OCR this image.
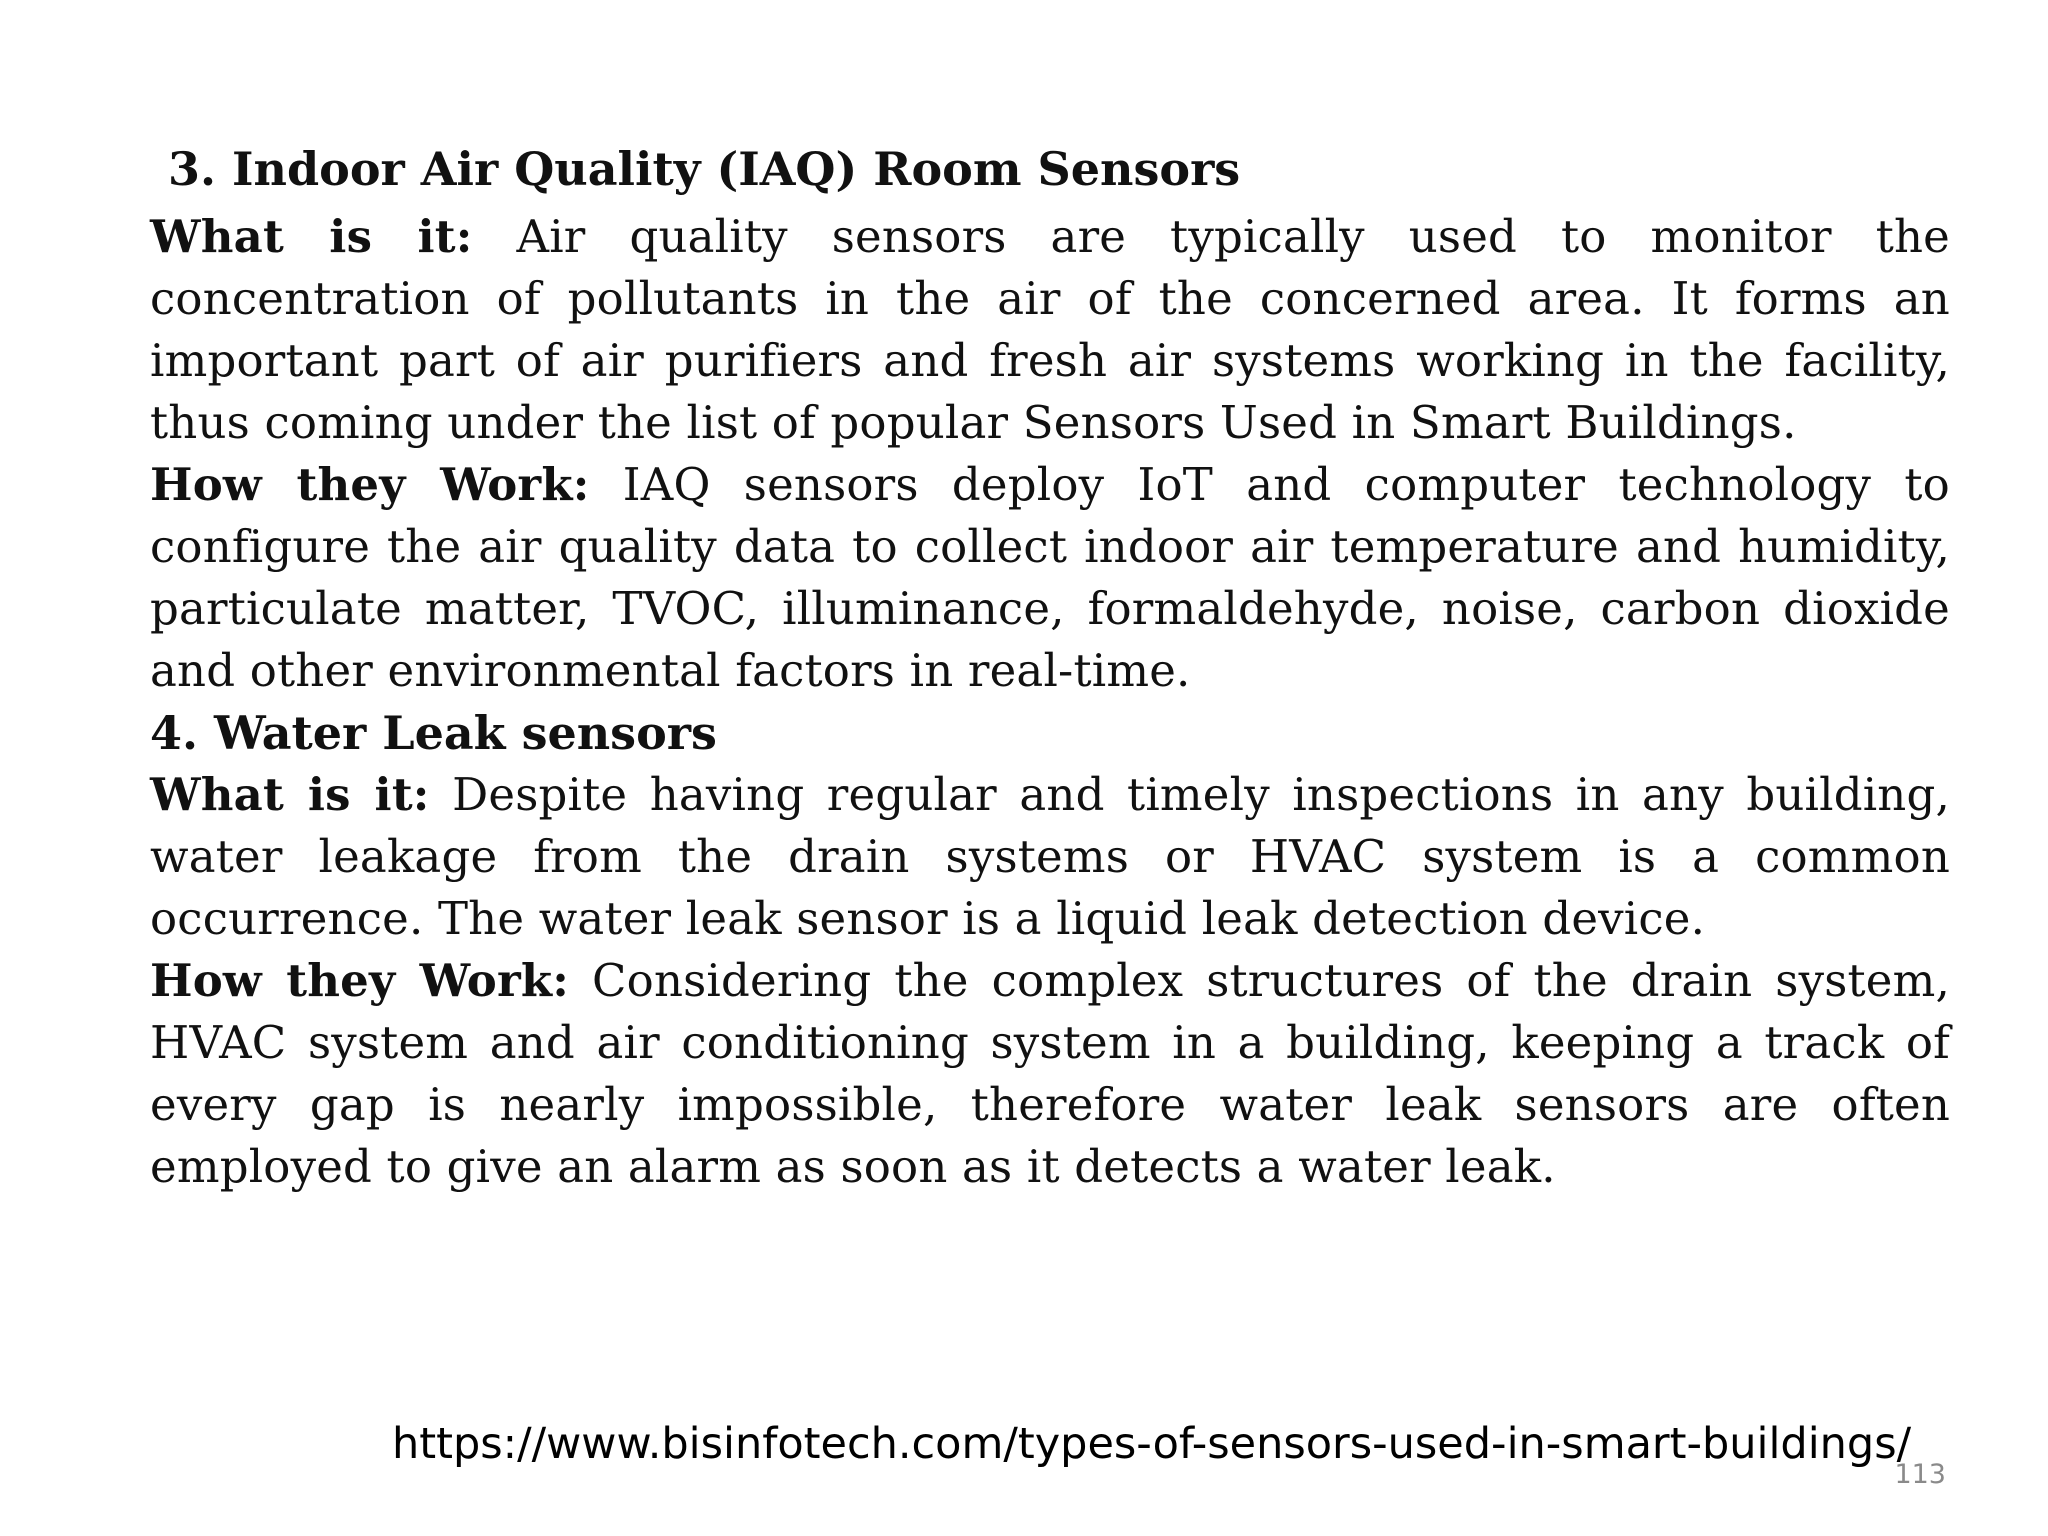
3. Indoor Air Quality (IAQ) Room Sensors

What is it: Air quality sensors are typically used to monitor the concentration of pollutants in the air of the concerned area. It forms an important part of air purifiers and fresh air systems working in the facility, thus coming under the list of popular Sensors Used in Smart Buildings.

How they Work: IAQ sensors deploy IoT and computer technology to configure the air quality data to collect indoor air temperature and humidity, particulate matter, TVOC, illuminance, formaldehyde, noise, carbon dioxide and other environmental factors in real-time.

4. Water Leak sensors

What is it: Despite having regular and timely inspections in any building, water leakage from the drain systems or HVAC system is a common occurrence. The water leak sensor is a liquid leak detection device.

How they Work: Considering the complex structures of the drain system, HVAC system and air conditioning system in a building, keeping a track of every gap is nearly impossible, therefore water leak sensors are often employed to give an alarm as soon as it detects a water leak.

https://www.bisinfotech.com/types-of-sensors-used-in-smart-buildings/
113
